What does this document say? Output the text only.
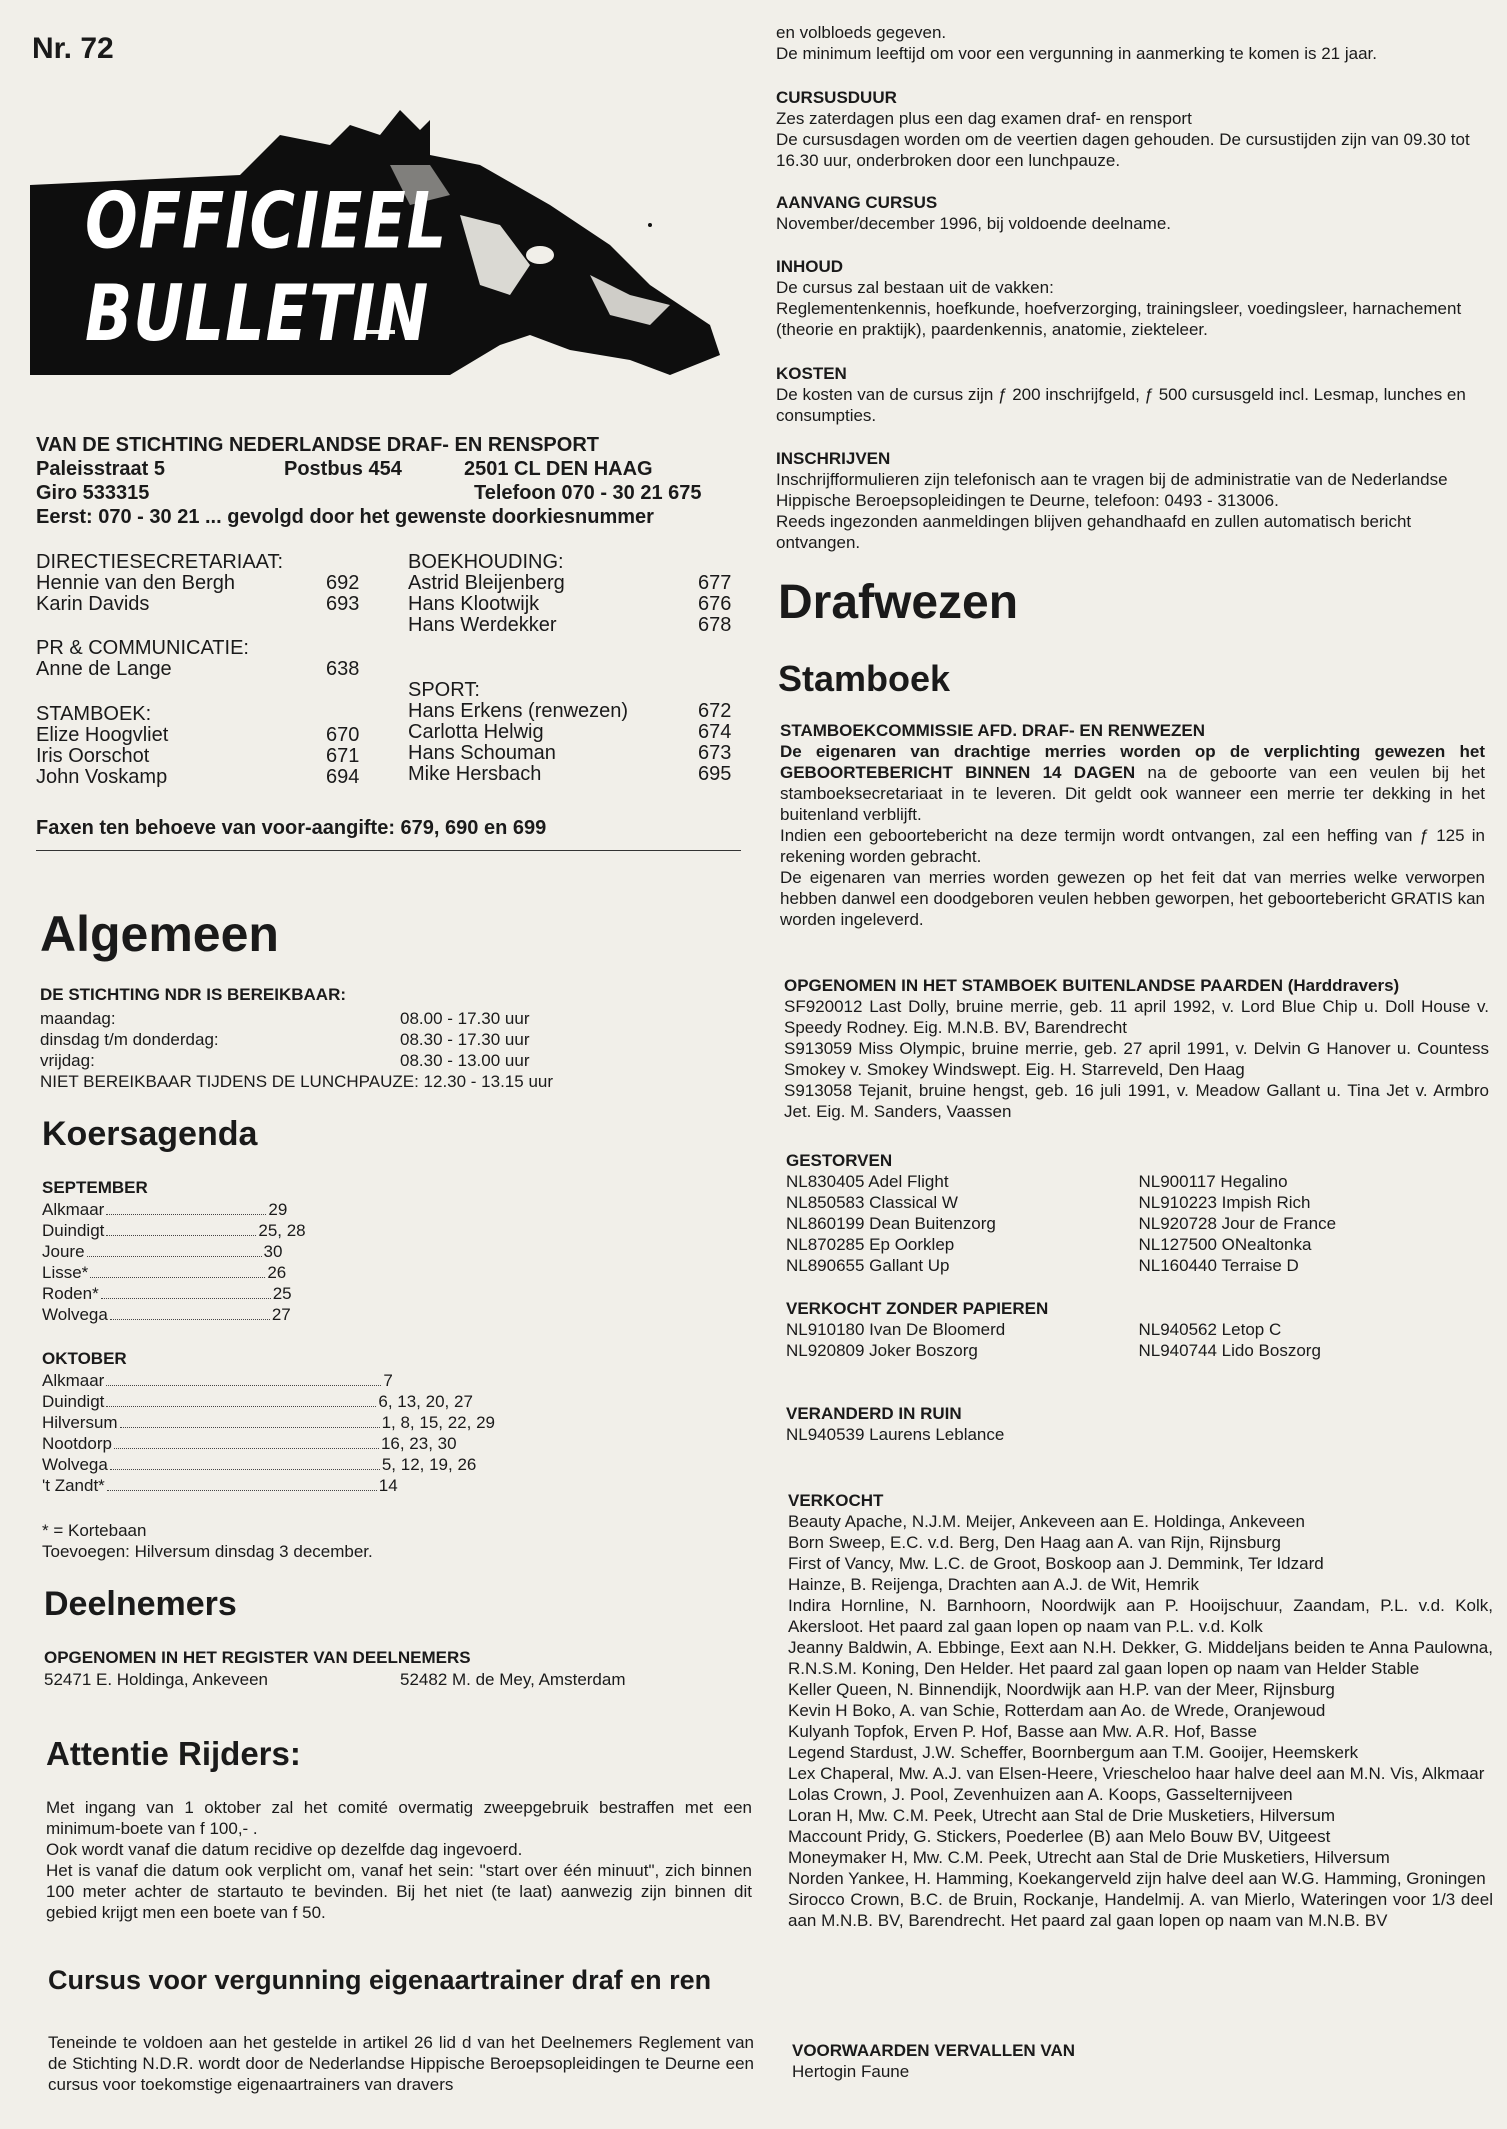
Nr. 72
OFFICIEEL
BULLETIN
VAN DE STICHTING NEDERLANDSE DRAF- EN RENSPORT
Paleisstraat 5	Postbus 454	2501 CL DEN HAAG
Giro 533315	Telefoon 070 - 30 21 675
Eerst: 070 - 30 21 ... gevolgd door het gewenste doorkiesnummer
DIRECTIESECRETARIAAT:
Hennie van den Bergh	692
Karin Davids	693
PR & COMMUNICATIE:
Anne de Lange	638
STAMBOEK:
Elize Hoogvliet	670
Iris Oorschot	671
John Voskamp	694
BOEKHOUDING:
Astrid Bleijenberg	677
Hans Klootwijk	676
Hans Werdekker	678
SPORT:
Hans Erkens (renwezen)	672
Carlotta Helwig	674
Hans Schouman	673
Mike Hersbach	695
Faxen ten behoeve van voor-aangifte: 679, 690 en 699
Algemeen
DE STICHTING NDR IS BEREIKBAAR:
maandag:	08.00 - 17.30 uur
dinsdag t/m donderdag:	08.30 - 17.30 uur
vrijdag:	08.30 - 13.00 uur
NIET BEREIKBAAR TIJDENS DE LUNCHPAUZE: 12.30 - 13.15 uur
Koersagenda
SEPTEMBER
Alkmaar	29
Duindigt	25, 28
Joure	30
Lisse*	26
Roden*	25
Wolvega	27
OKTOBER
Alkmaar	7
Duindigt	6, 13, 20, 27
Hilversum	1, 8, 15, 22, 29
Nootdorp	16, 23, 30
Wolvega	5, 12, 19, 26
't Zandt*	14
* = Kortebaan
Toevoegen: Hilversum dinsdag 3 december.
Deelnemers
OPGENOMEN IN HET REGISTER VAN DEELNEMERS
52471 E. Holdinga, Ankeveen	52482 M. de Mey, Amsterdam
Attentie Rijders:
Met ingang van 1 oktober zal het comité overmatig zweepgebruik bestraffen met een minimum-boete van f 100,- .
Ook wordt vanaf die datum recidive op dezelfde dag ingevoerd.
Het is vanaf die datum ook verplicht om, vanaf het sein: "start over één minuut", zich binnen 100 meter achter de startauto te bevinden. Bij het niet (te laat) aanwezig zijn binnen dit gebied krijgt men een boete van f 50.
Cursus voor vergunning eigenaartrainer draf en ren
Teneinde te voldoen aan het gestelde in artikel 26 lid d van het Deelnemers Reglement van de Stichting N.D.R. wordt door de Nederlandse Hippische Beroepsopleidingen te Deurne een cursus voor toekomstige eigenaartrainers van dravers
en volbloeds gegeven.
De minimum leeftijd om voor een vergunning in aanmerking te komen is 21 jaar.
CURSUSDUUR
Zes zaterdagen plus een dag examen draf- en rensport
De cursusdagen worden om de veertien dagen gehouden. De cursustijden zijn van 09.30 tot 16.30 uur, onderbroken door een lunchpauze.
AANVANG CURSUS
November/december 1996, bij voldoende deelname.
INHOUD
De cursus zal bestaan uit de vakken:
Reglementenkennis, hoefkunde, hoefverzorging, trainingsleer, voedingsleer, harnachement (theorie en praktijk), paardenkennis, anatomie, ziekteleer.
KOSTEN
De kosten van de cursus zijn ƒ 200 inschrijfgeld, ƒ 500 cursusgeld incl. Lesmap, lunches en consumpties.
INSCHRIJVEN
Inschrijfformulieren zijn telefonisch aan te vragen bij de administratie van de Nederlandse Hippische Beroepsopleidingen te Deurne, telefoon: 0493 - 313006.
Reeds ingezonden aanmeldingen blijven gehandhaafd en zullen automatisch bericht ontvangen.
Drafwezen
Stamboek
STAMBOEKCOMMISSIE AFD. DRAF- EN RENWEZEN
De eigenaren van drachtige merries worden op de verplichting gewezen het GEBOORTEBERICHT BINNEN 14 DAGEN na de geboorte van een veulen bij het stamboeksecretariaat in te leveren. Dit geldt ook wanneer een merrie ter dekking in het buitenland verblijft.
Indien een geboortebericht na deze termijn wordt ontvangen, zal een heffing van ƒ 125 in rekening worden gebracht.
De eigenaren van merries worden gewezen op het feit dat van merries welke verworpen hebben danwel een doodgeboren veulen hebben geworpen, het geboortebericht GRATIS kan worden ingeleverd.
OPGENOMEN IN HET STAMBOEK BUITENLANDSE PAARDEN (Harddravers)
SF920012 Last Dolly, bruine merrie, geb. 11 april 1992, v. Lord Blue Chip u. Doll House v. Speedy Rodney. Eig. M.N.B. BV, Barendrecht
S913059 Miss Olympic, bruine merrie, geb. 27 april 1991, v. Delvin G Hanover u. Countess Smokey v. Smokey Windswept. Eig. H. Starreveld, Den Haag
S913058 Tejanit, bruine hengst, geb. 16 juli 1991, v. Meadow Gallant u. Tina Jet v. Armbro Jet. Eig. M. Sanders, Vaassen
GESTORVEN
NL830405 Adel Flight
NL850583 Classical W
NL860199 Dean Buitenzorg
NL870285 Ep Oorklep
NL890655 Gallant Up
NL900117 Hegalino
NL910223 Impish Rich
NL920728 Jour de France
NL127500 ONealtonka
NL160440 Terraise D
VERKOCHT ZONDER PAPIEREN
NL910180 Ivan De Bloomerd
NL920809 Joker Boszorg
NL940562 Letop C
NL940744 Lido Boszorg
VERANDERD IN RUIN
NL940539 Laurens Leblance
VERKOCHT
Beauty Apache, N.J.M. Meijer, Ankeveen aan E. Holdinga, Ankeveen
Born Sweep, E.C. v.d. Berg, Den Haag aan A. van Rijn, Rijnsburg
First of Vancy, Mw. L.C. de Groot, Boskoop aan J. Demmink, Ter Idzard
Hainze, B. Reijenga, Drachten aan A.J. de Wit, Hemrik
Indira Hornline, N. Barnhoorn, Noordwijk aan P. Hooijschuur, Zaandam, P.L. v.d. Kolk, Akersloot. Het paard zal gaan lopen op naam van P.L. v.d. Kolk
Jeanny Baldwin, A. Ebbinge, Eext aan N.H. Dekker, G. Middeljans beiden te Anna Paulowna, R.N.S.M. Koning, Den Helder. Het paard zal gaan lopen op naam van Helder Stable
Keller Queen, N. Binnendijk, Noordwijk aan H.P. van der Meer, Rijnsburg
Kevin H Boko, A. van Schie, Rotterdam aan Ao. de Wrede, Oranjewoud
Kulyanh Topfok, Erven P. Hof, Basse aan Mw. A.R. Hof, Basse
Legend Stardust, J.W. Scheffer, Boornbergum aan T.M. Gooijer, Heemskerk
Lex Chaperal, Mw. A.J. van Elsen-Heere, Vriescheloo haar halve deel aan M.N. Vis, Alkmaar
Lolas Crown, J. Pool, Zevenhuizen aan A. Koops, Gasselternijveen
Loran H, Mw. C.M. Peek, Utrecht aan Stal de Drie Musketiers, Hilversum
Maccount Pridy, G. Stickers, Poederlee (B) aan Melo Bouw BV, Uitgeest
Moneymaker H, Mw. C.M. Peek, Utrecht aan Stal de Drie Musketiers, Hilversum
Norden Yankee, H. Hamming, Koekangerveld zijn halve deel aan W.G. Hamming, Groningen
Sirocco Crown, B.C. de Bruin, Rockanje, Handelmij. A. van Mierlo, Wateringen voor 1/3 deel aan M.N.B. BV, Barendrecht. Het paard zal gaan lopen op naam van M.N.B. BV
VOORWAARDEN VERVALLEN VAN
Hertogin Faune
